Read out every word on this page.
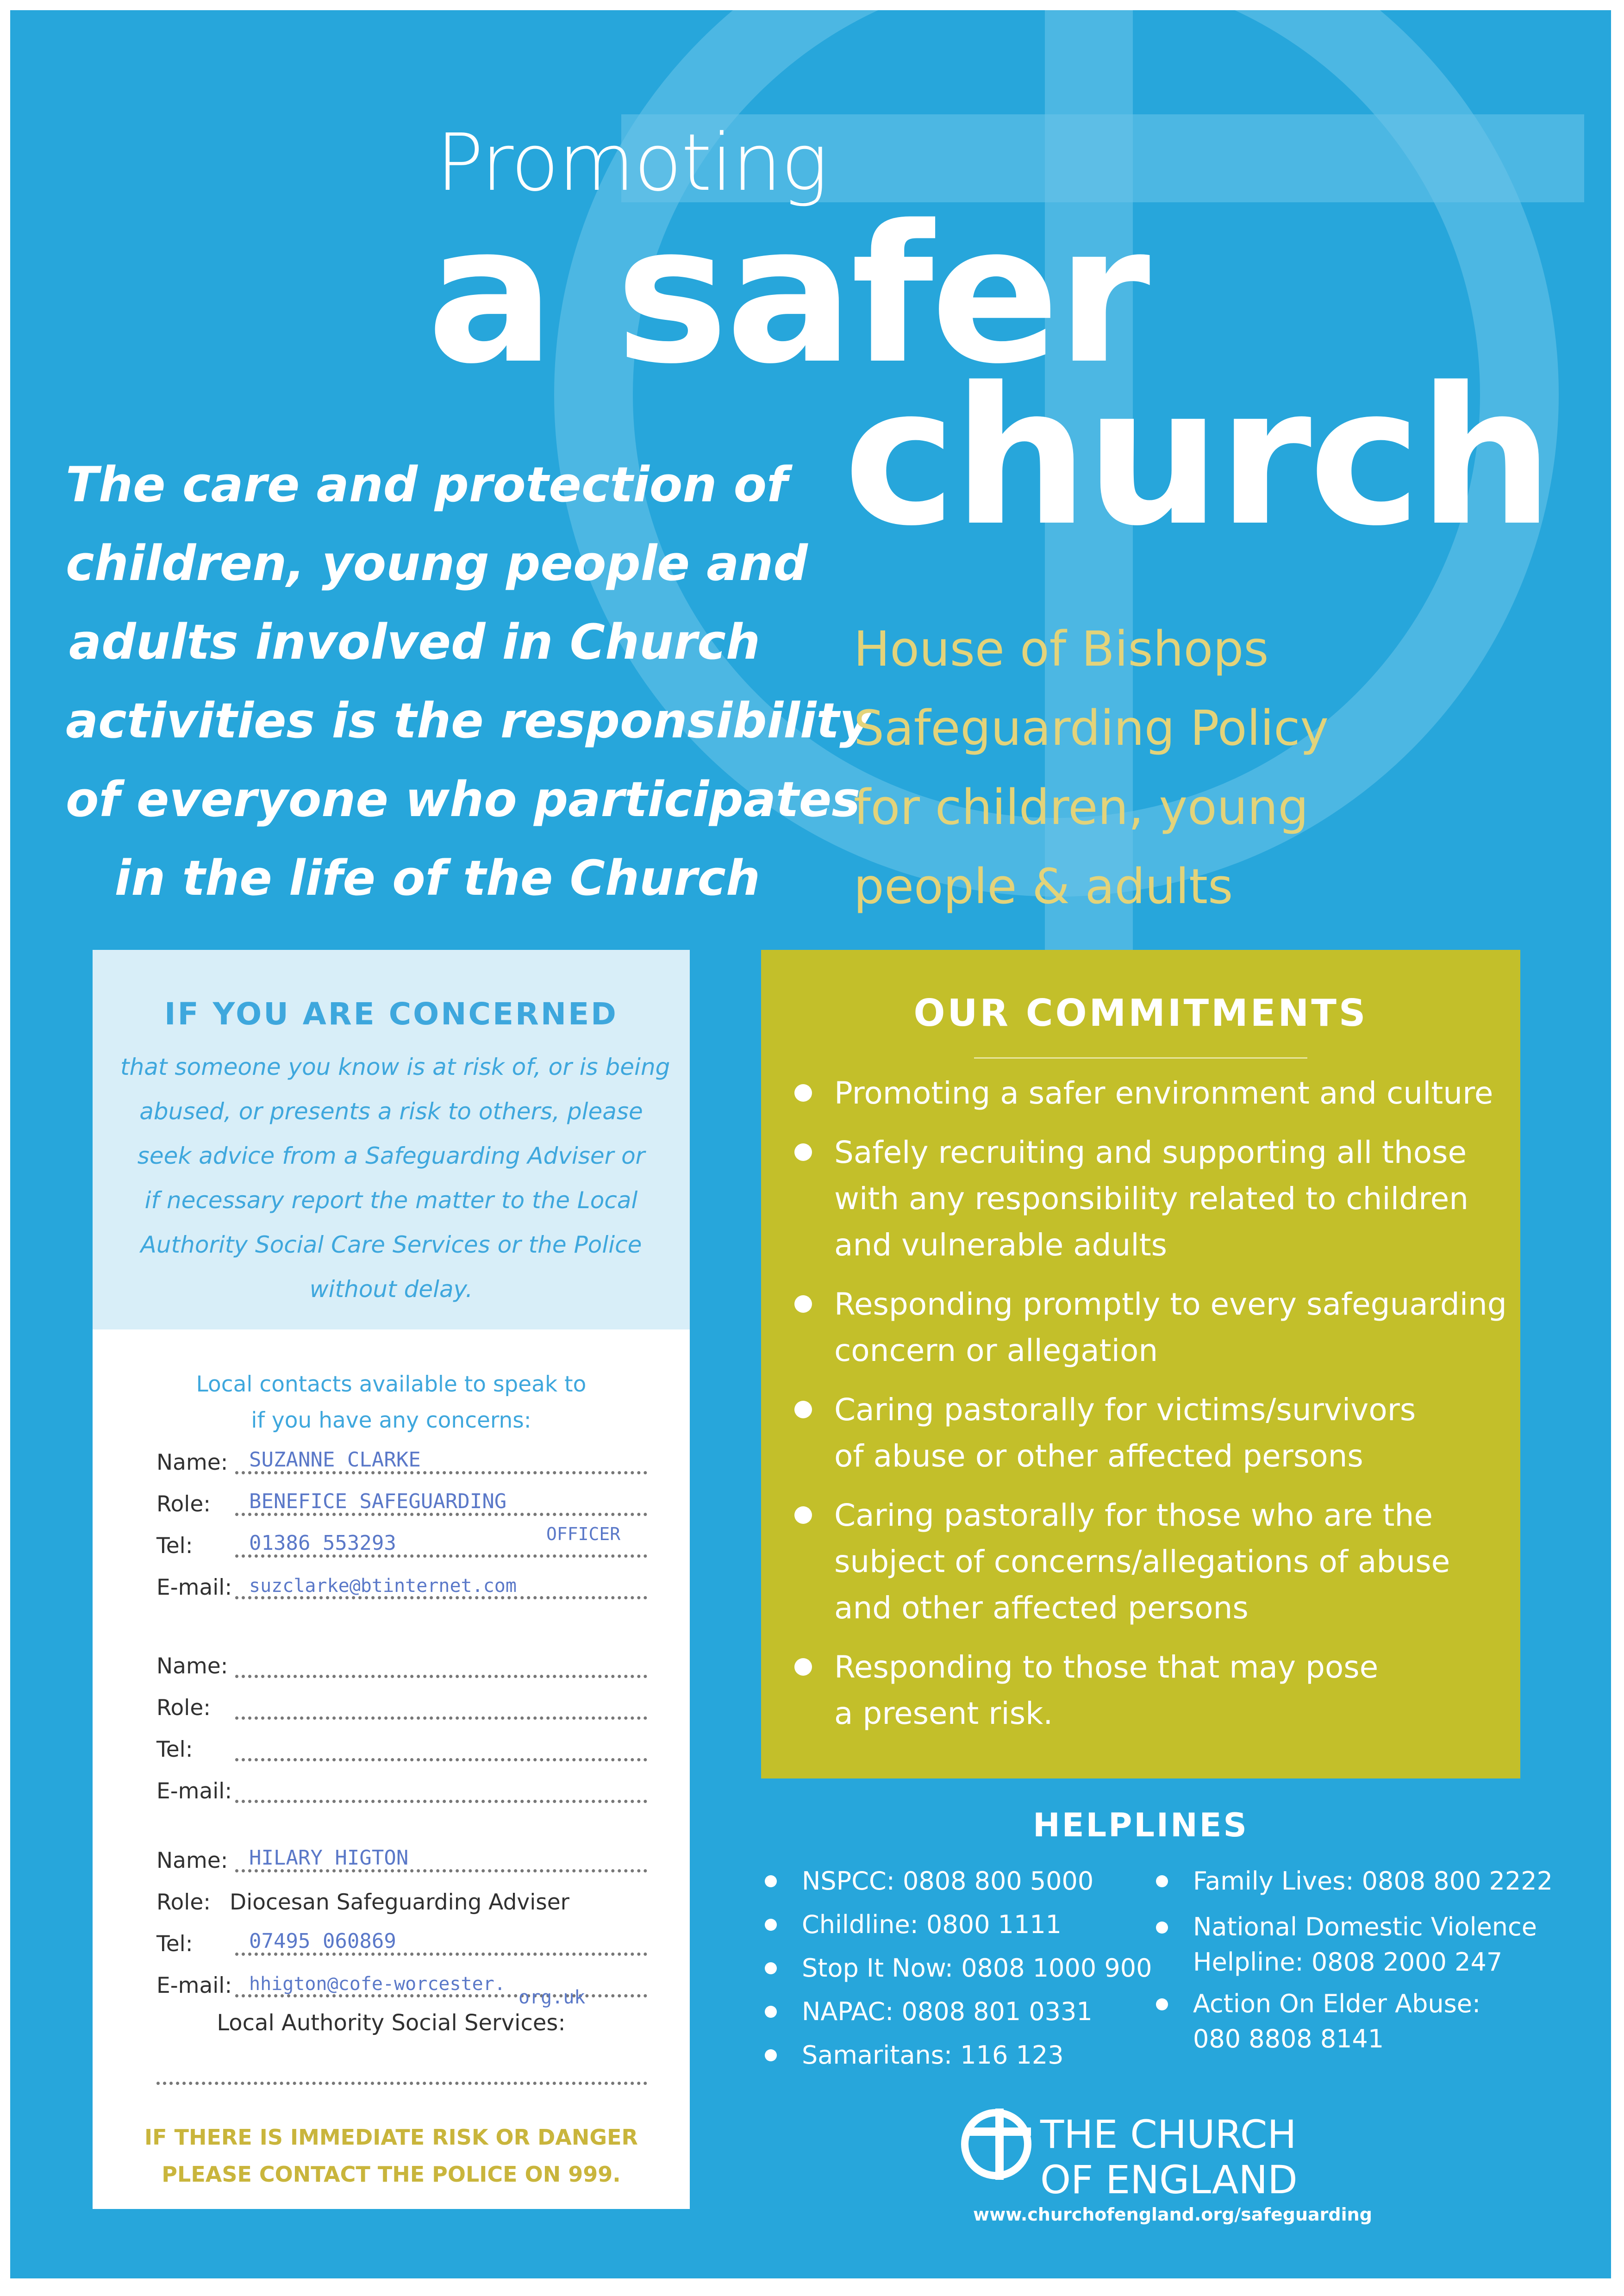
Promoting
a safer
church
The care and protection of
children, young people and
adults involved in Church
activities is the responsibility
of everyone who participates
in the life of the Church
House of Bishops
Safeguarding Policy
for children, young
people & adults
IF YOU ARE CONCERNED
that someone you know is at risk of, or is being
abused, or presents a risk to others, please
seek advice from a Safeguarding Adviser or
if necessary report the matter to the Local
Authority Social Care Services or the Police
without delay.
Local contacts available to speak to
if you have any concerns:
Name: SUZANNE CLARKE
Role: BENEFICE SAFEGUARDING
OFFICER
Tel:	01386 553293
E-mail: suzclarke@btinternet.com
Name:
Role:
Tel:
E-mail:
Name: HILARY HIGTON
Role: Diocesan Safeguarding Adviser
Tel:	07495 060869
E-mail: hhigton@cofe-worcester.
org.uk
Local Authority Social Services:
IF THERE IS IMMEDIATE RISK OR DANGER
PLEASE CONTACT THE POLICE ON 999.
OUR COMMITMENTS
Promoting a safer environment and culture
Safely recruiting and supporting all those
with any responsibility related to children
and vulnerable adults
Responding promptly to every safeguarding
concern or allegation
Caring pastorally for victims/survivors
of abuse or other affected persons
Caring pastorally for those who are the
subject of concerns/allegations of abuse
and other affected persons
Responding to those that may pose
a present risk.
HELPLINES
NSPCC: 0808 800 5000
Childline: 0800 1111
Stop It Now: 0808 1000 900
NAPAC: 0808 801 0331
Samaritans: 116 123
Family Lives: 0808 800 2222
National Domestic Violence
Helpline: 0808 2000 247
Action On Elder Abuse:
080 8808 8141
THE CHURCH
OF ENGLAND
www.churchofengland.org/safeguarding
